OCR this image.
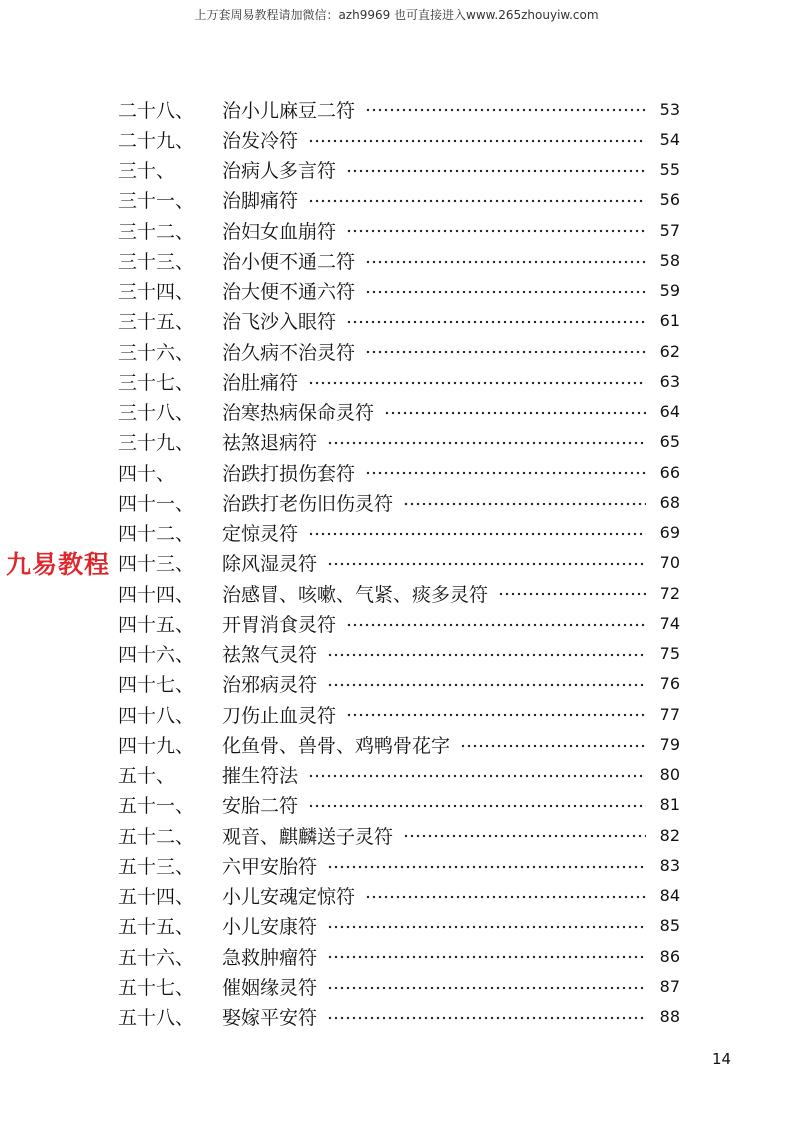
上万套周易教程请加微信：azh9969 也可直接进入www.265zhouyiw.com
二十八、	治小儿麻豆二符	53
二十九、	治发冷符	54
三十、	治病人多言符	55
三十一、	治脚痛符	56
三十二、	治妇女血崩符	57
三十三、	治小便不通二符	58
三十四、	治大便不通六符	59
三十五、	治飞沙入眼符	61
三十六、	治久病不治灵符	62
三十七、	治肚痛符	63
三十八、	治寒热病保命灵符	64
三十九、	祛煞退病符	65
四十、	治跌打损伤套符	66
四十一、	治跌打老伤旧伤灵符	68
四十二、	定惊灵符	69
四十三、	除风湿灵符	70
四十四、	治感冒、咳嗽、气紧、痰多灵符	72
四十五、	开胃消食灵符	74
四十六、	祛煞气灵符	75
四十七、	治邪病灵符	76
四十八、	刀伤止血灵符	77
四十九、	化鱼骨、兽骨、鸡鸭骨花字	79
五十、	摧生符法	80
五十一、	安胎二符	81
五十二、	观音、麒麟送子灵符	82
五十三、	六甲安胎符	83
五十四、	小儿安魂定惊符	84
五十五、	小儿安康符	85
五十六、	急救肿瘤符	86
五十七、	催姻缘灵符	87
五十八、	娶嫁平安符	88
九易教程
14
